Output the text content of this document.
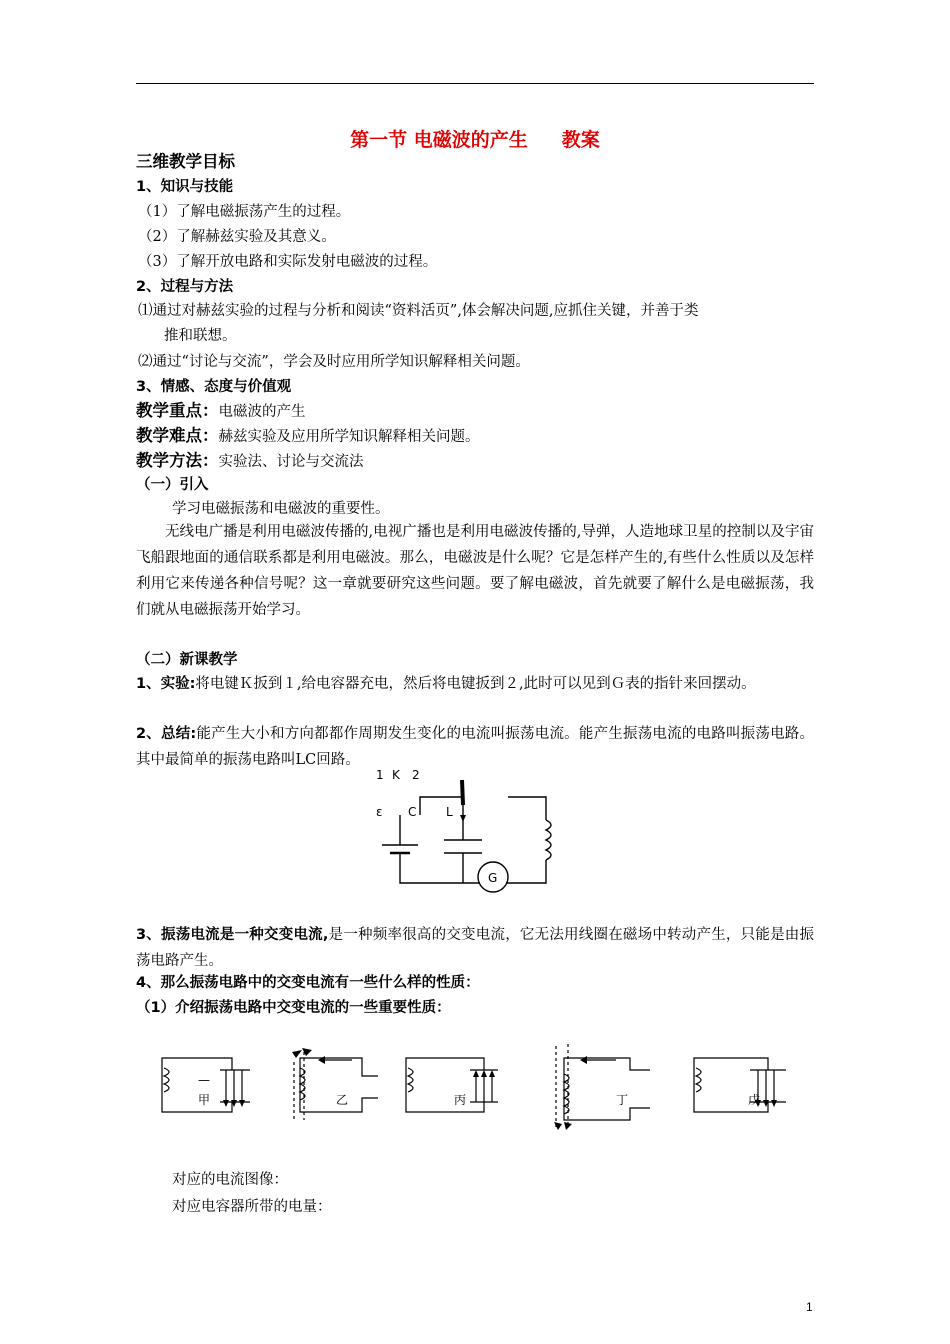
第一节 电磁波的产生 教案
三维教学目标
1、知识与技能
（1）了解电磁振荡产生的过程。
（2）了解赫兹实验及其意义。
（3）了解开放电路和实际发射电磁波的过程。
2、过程与方法
⑴通过对赫兹实验的过程与分析和阅读“资料活页”,体会解决问题,应抓住关键，并善于类
推和联想。
⑵通过“讨论与交流”，学会及时应用所学知识解释相关问题。
3、情感、态度与价值观
教学重点：电磁波的产生
教学难点：赫兹实验及应用所学知识解释相关问题。
教学方法：实验法、讨论与交流法
（一）引入
学习电磁振荡和电磁波的重要性。
无线电广播是利用电磁波传播的,电视广播也是利用电磁波传播的,导弹，人造地球卫星的控制以及宇宙飞船跟地面的通信联系都是利用电磁波。那么，电磁波是什么呢？它是怎样产生的,有些什么性质以及怎样利用它来传递各种信号呢？这一章就要研究这些问题。要了解电磁波，首先就要了解什么是电磁振荡，我们就从电磁振荡开始学习。
（二）新课教学
1、实验:将电键Ｋ扳到１,给电容器充电，然后将电键扳到２,此时可以见到Ｇ表的指针来回摆动。
2、总结:能产生大小和方向都都作周期发生变化的电流叫振荡电流。能产生振荡电流的电路叫振荡电路。其中最简单的振荡电路叫LC回路。
1 K 2
ε C L
G
3、振荡电流是一种交变电流,是一种频率很高的交变电流，它无法用线圈在磁场中转动产生，只能是由振荡电路产生。
4、那么振荡电路中的交变电流有一些什么样的性质：
（1）介绍振荡电路中交变电流的一些重要性质：
—
甲	乙	丙	丁	戊
对应的电流图像：
对应电容器所带的电量：
1
